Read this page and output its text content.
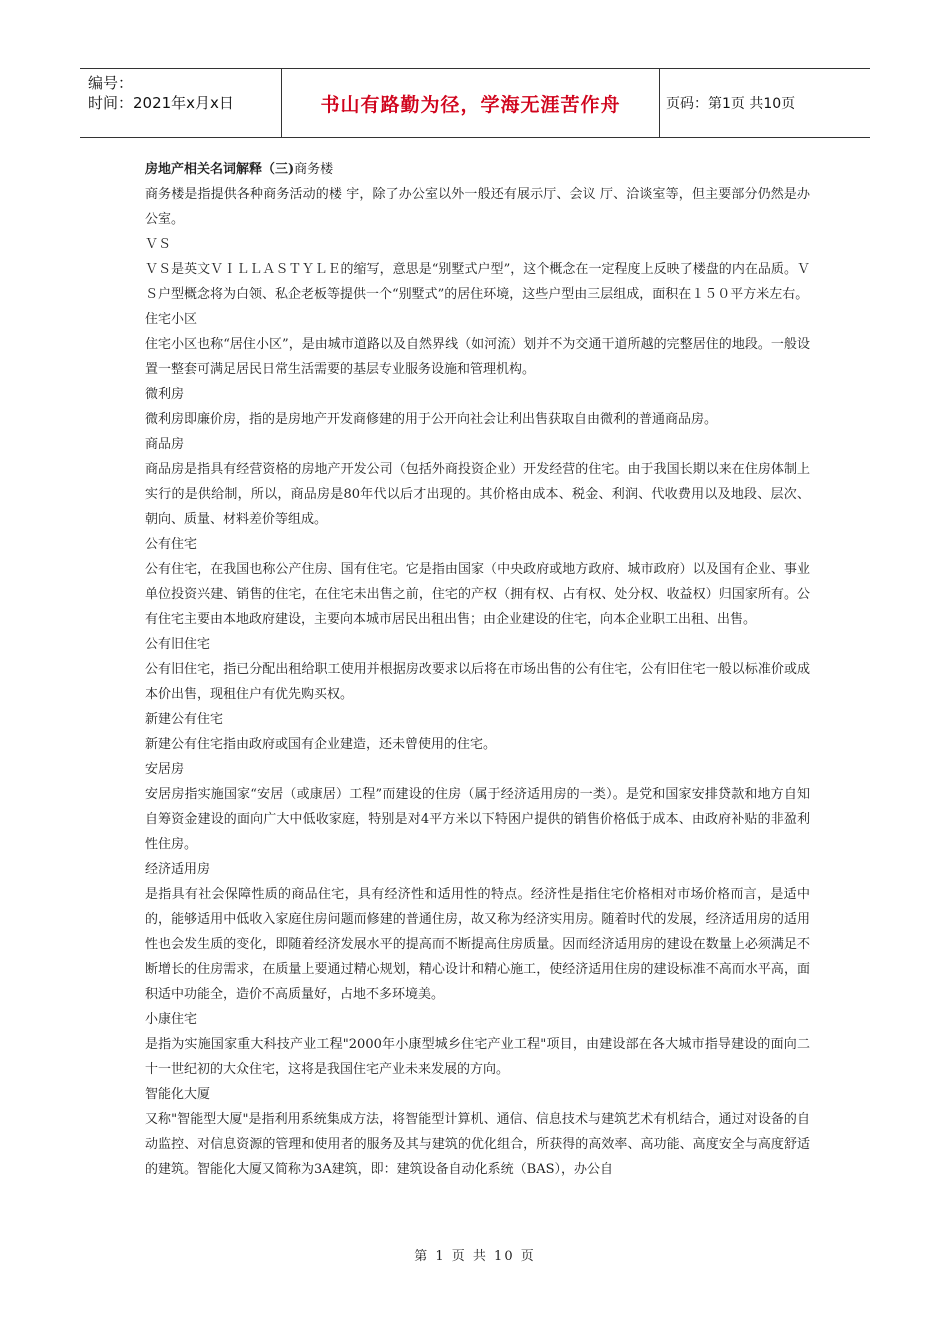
编号：
时间：2021年x月x日	书山有路勤为径，学海无涯苦作舟	页码：第1页 共10页

房地产相关名词解释（三)商务楼

商务楼是指提供各种商务活动的楼 宇，除了办公室以外一般还有展示厅、会议 厅、洽谈室等，但主要部分仍然是办公室。

ＶＳ

ＶＳ是英文ＶＩＬＬＡＳＴＹＬＥ的缩写，意思是“别墅式户型”，这个概念在一定程度上反映了楼盘的内在品质。ＶＳ户型概念将为白领、私企老板等提供一个“别墅式”的居住环境，这些户型由三层组成，面积在１５０平方米左右。

住宅小区

住宅小区也称“居住小区”，是由城市道路以及自然界线（如河流）划并不为交通干道所越的完整居住的地段。一般设置一整套可满足居民日常生活需要的基层专业服务设施和管理机构。

微利房

微利房即廉价房，指的是房地产开发商修建的用于公开向社会让利出售获取自由微利的普通商品房。

商品房

商品房是指具有经营资格的房地产开发公司（包括外商投资企业）开发经营的住宅。由于我国长期以来在住房体制上实行的是供给制，所以，商品房是80年代以后才出现的。其价格由成本、税金、利润、代收费用以及地段、层次、朝向、质量、材料差价等组成。

公有住宅

公有住宅，在我国也称公产住房、国有住宅。它是指由国家（中央政府或地方政府、城市政府）以及国有企业、事业单位投资兴建、销售的住宅，在住宅未出售之前，住宅的产权（拥有权、占有权、处分权、收益权）归国家所有。公有住宅主要由本地政府建设，主要向本城市居民出租出售；由企业建设的住宅，向本企业职工出租、出售。

公有旧住宅

公有旧住宅，指已分配出租给职工使用并根据房改要求以后将在市场出售的公有住宅，公有旧住宅一般以标准价或成本价出售，现租住户有优先购买权。

新建公有住宅

新建公有住宅指由政府或国有企业建造，还未曾使用的住宅。

安居房

安居房指实施国家“安居（或康居）工程”而建设的住房（属于经济适用房的一类）。是党和国家安排贷款和地方自知自筹资金建设的面向广大中低收家庭，特别是对4平方米以下特困户提供的销售价格低于成本、由政府补贴的非盈利性住房。

经济适用房

是指具有社会保障性质的商品住宅，具有经济性和适用性的特点。经济性是指住宅价格相对市场价格而言，是适中的，能够适用中低收入家庭住房问题而修建的普通住房，故又称为经济实用房。随着时代的发展，经济适用房的适用性也会发生质的变化，即随着经济发展水平的提高而不断提高住房质量。因而经济适用房的建设在数量上必须满足不断增长的住房需求，在质量上要通过精心规划，精心设计和精心施工，使经济适用住房的建设标准不高而水平高，面积适中功能全，造价不高质量好，占地不多环境美。

小康住宅

是指为实施国家重大科技产业工程"2000年小康型城乡住宅产业工程"项目，由建设部在各大城市指导建设的面向二十一世纪初的大众住宅，这将是我国住宅产业未来发展的方向。

智能化大厦

又称"智能型大厦"是指利用系统集成方法，将智能型计算机、通信、信息技术与建筑艺术有机结合，通过对设备的自动监控、对信息资源的管理和使用者的服务及其与建筑的优化组合，所获得的高效率、高功能、高度安全与高度舒适的建筑。智能化大厦又简称为3A建筑，即：建筑设备自动化系统（BAS），办公自

第 1 页 共 10 页
